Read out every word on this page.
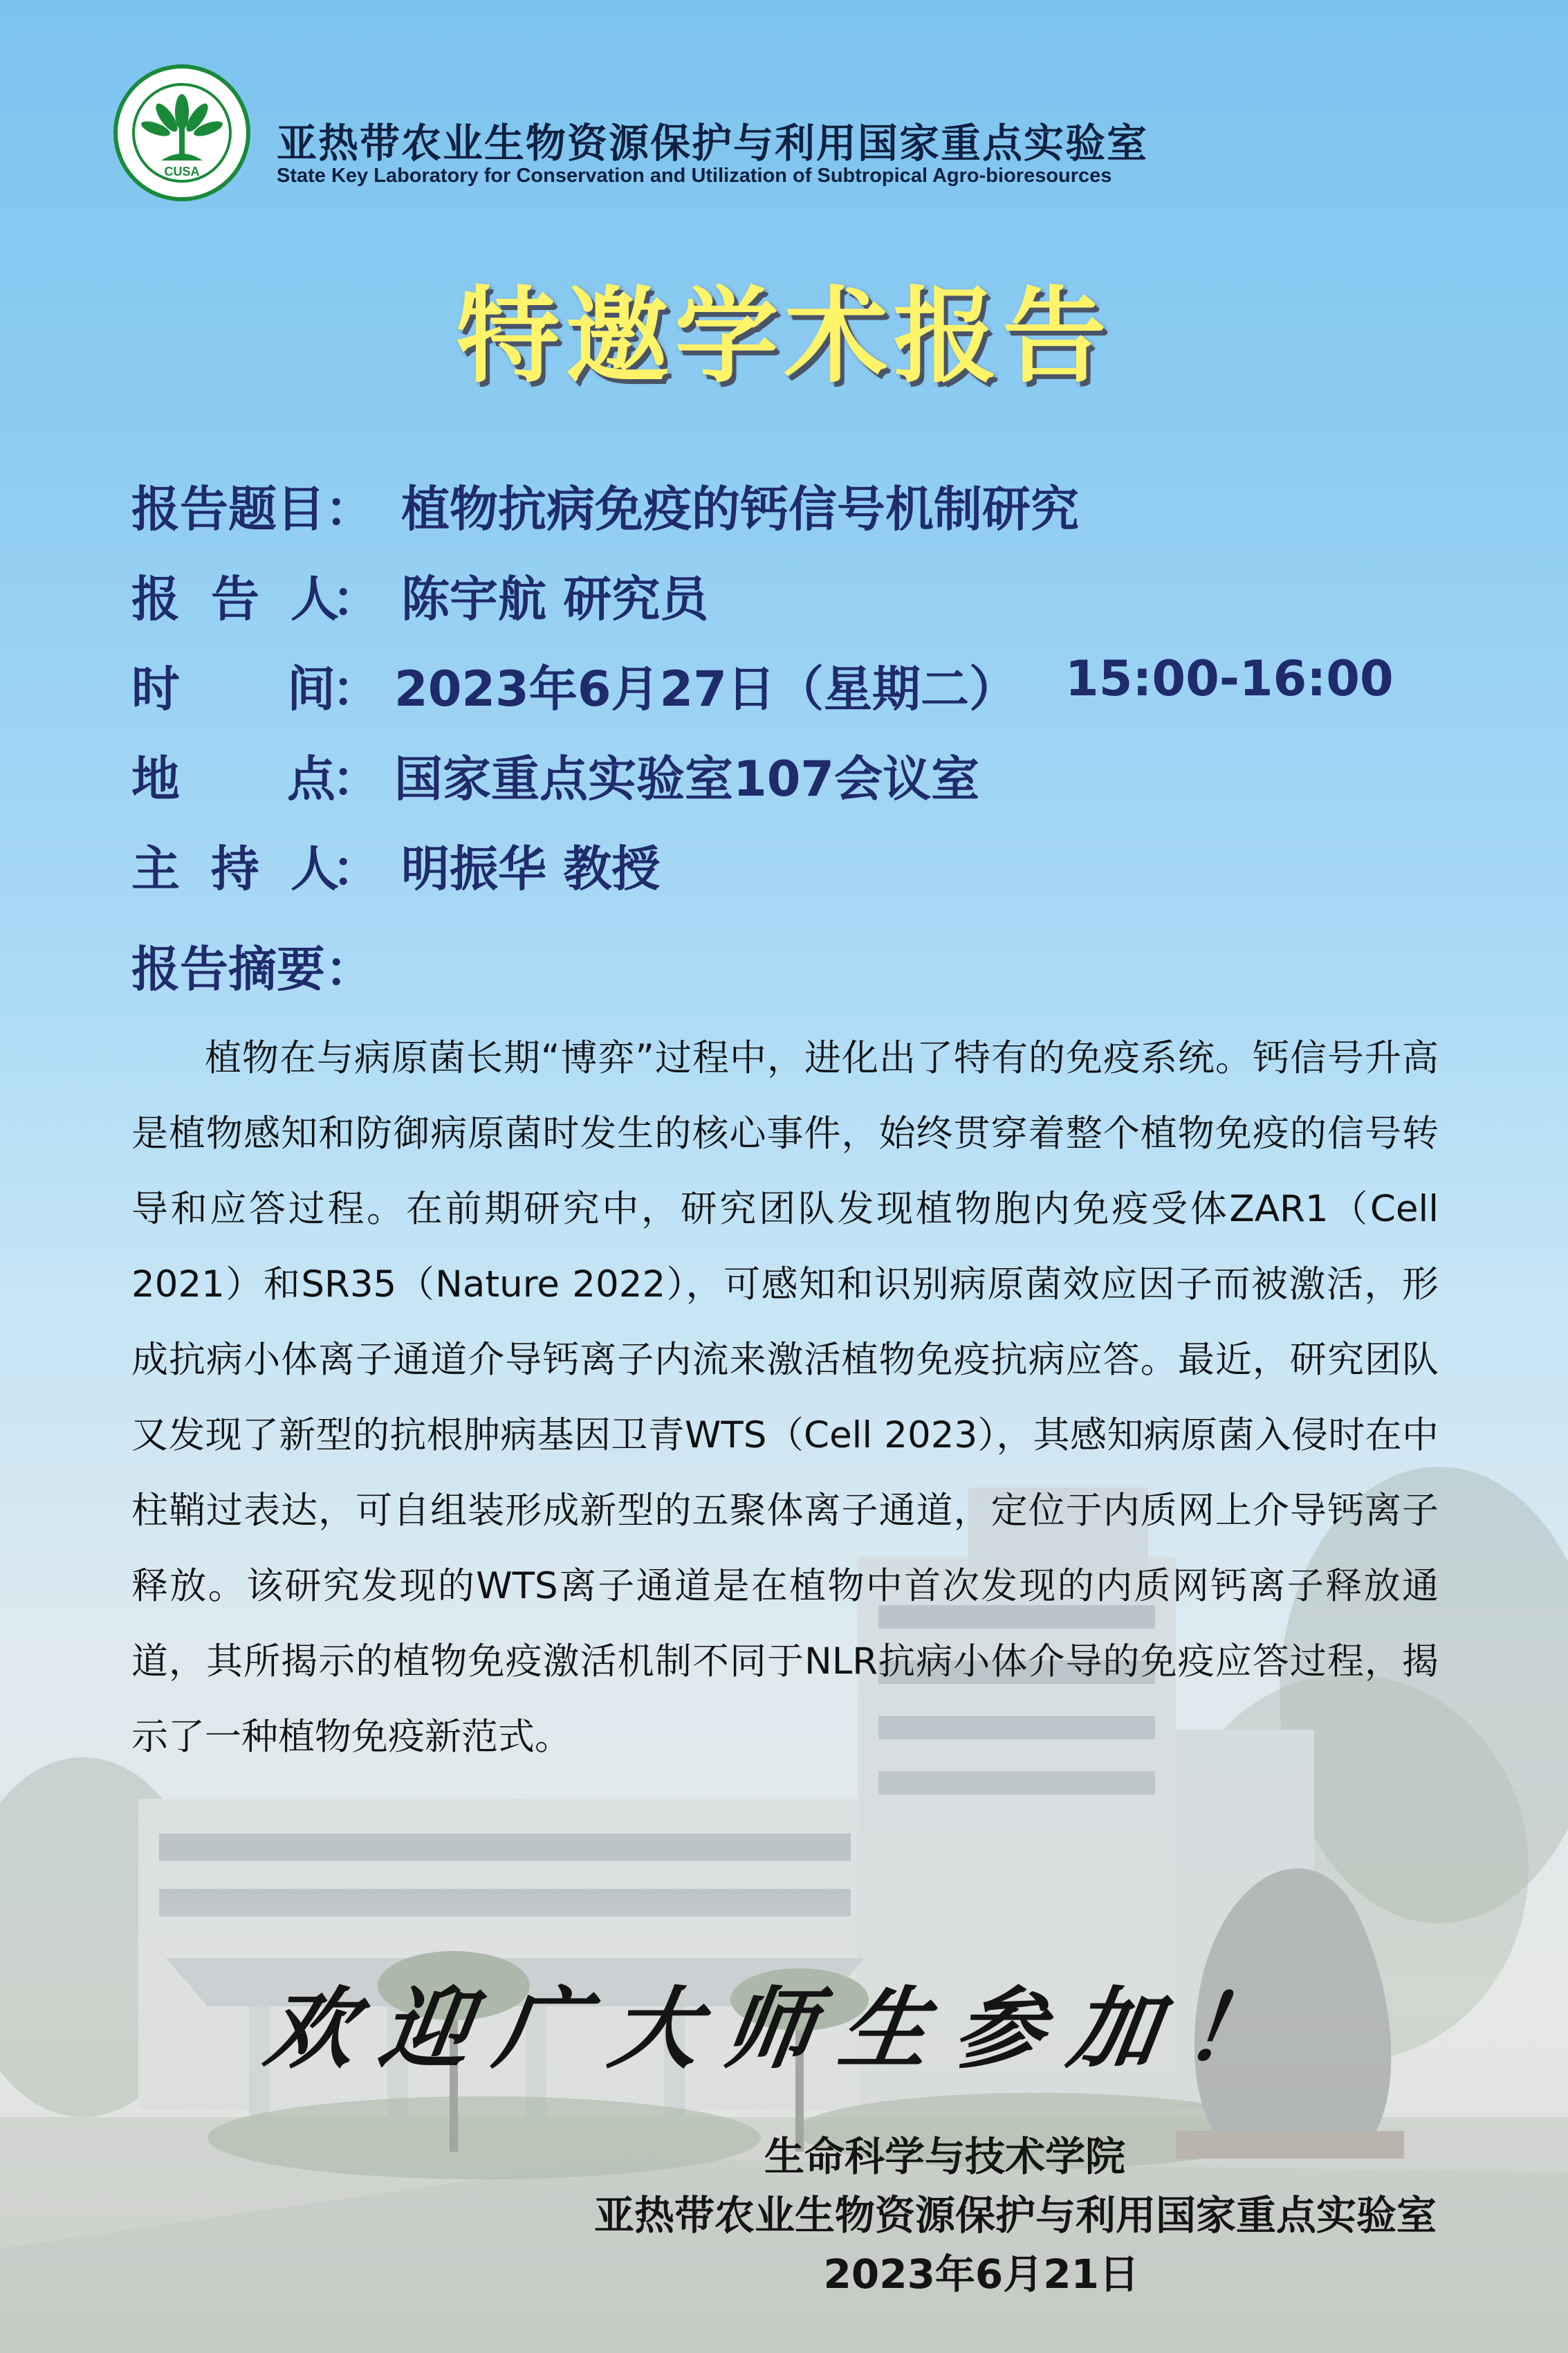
CUSA
亚热带农业生物资源保护与利用国家重点实验室
State Key Laboratory for Conservation and Utilization of Subtropical Agro-bioresources
特邀学术报告
报 告 题 目 ： 植物抗病免疫的钙信号机制研究
报 告 人
： 陈宇航 研究员
时 间
： 2023年6月27日（星期二） 15:00-16:00
地 点
： 国家重点实验室107会议室
主 持 人
： 明振华 教授
报告摘要：

植物在与病原菌长期“博弈”过程中，进化出了特有的免疫系统。钙信号升高是植物感知和防御病原菌时发生的核心事件，始终贯穿着整个植物免疫的信号转导和应答过程。在前期研究中，研究团队发现植物胞内免疫受体ZAR1（Cell 2021）和SR35（Nature 2022），可感知和识别病原菌效应因子而被激活，形成抗病小体离子通道介导钙离子内流来激活植物免疫抗病应答。最近，研究团队又发现了新型的抗根肿病基因卫青WTS（Cell 2023），其感知病原菌入侵时在中柱鞘过表达，可自组装形成新型的五聚体离子通道，定位于内质网上介导钙离子释放。该研究发现的WTS离子通道是在植物中首次发现的内质网钙离子释放通道，其所揭示的植物免疫激活机制不同于NLR抗病小体介导的免疫应答过程，揭示了一种植物免疫新范式。

欢迎广大师生参加！
生命科学与技术学院
亚热带农业生物资源保护与利用国家重点实验室
2023年6月21日
